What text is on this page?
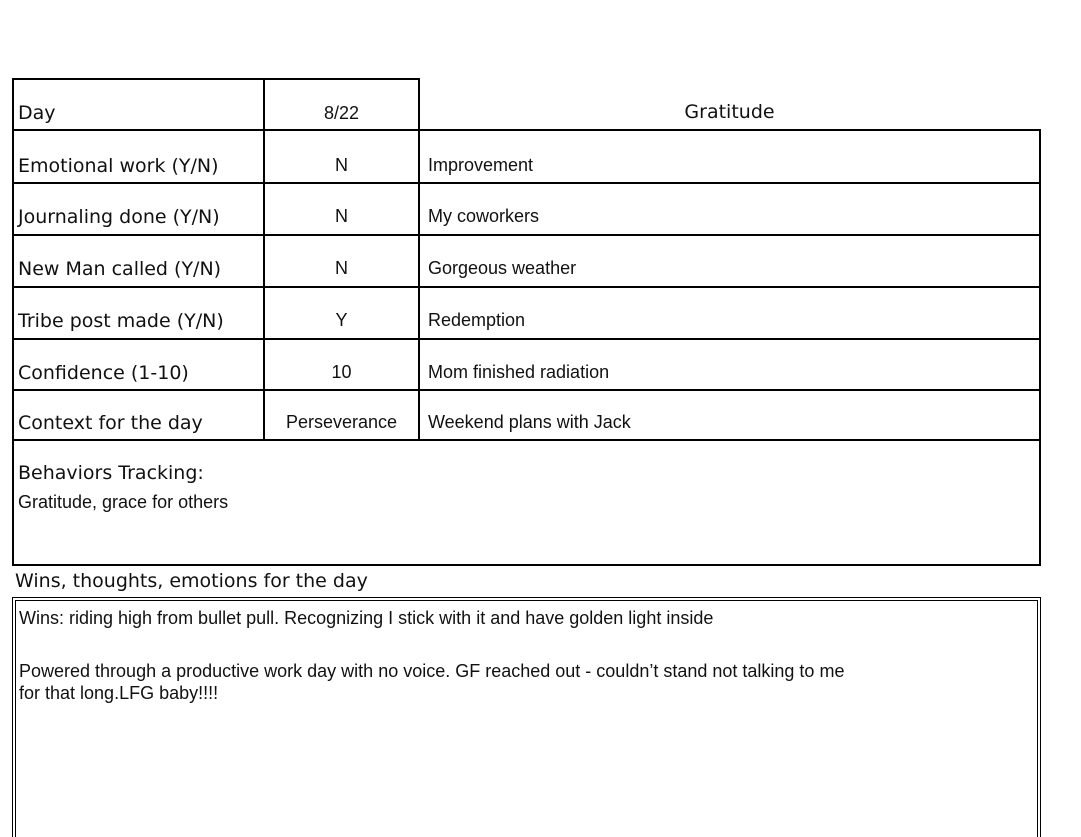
Day	8/22	Gratitude
Emotional work (Y/N)	N	Improvement
Journaling done (Y/N)	N	My coworkers
New Man called (Y/N)	N	Gorgeous weather
Tribe post made (Y/N)	Y	Redemption
Confidence (1-10)	10	Mom finished radiation
Context for the day	Perseverance	Weekend plans with Jack
Behaviors Tracking:
Gratitude, grace for others
Wins, thoughts, emotions for the day
Wins: riding high from bullet pull. Recognizing I stick with it and have golden light inside
Powered through a productive work day with no voice. GF reached out - couldn’t stand not talking to me
for that long.LFG baby!!!!
